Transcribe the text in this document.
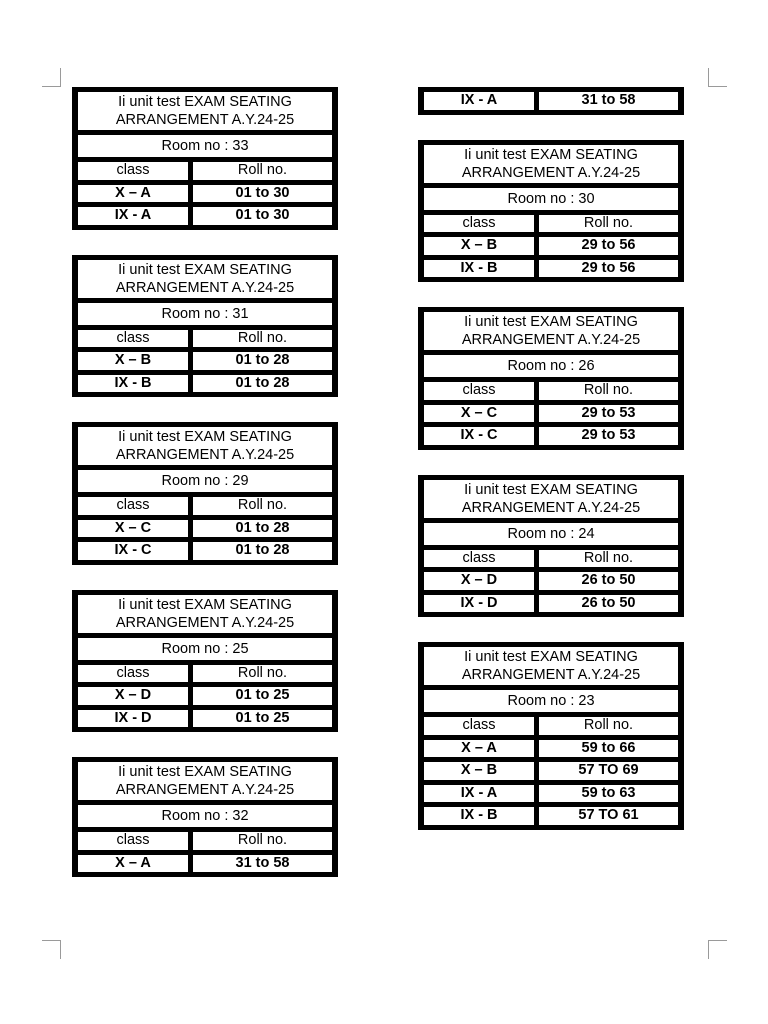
Ii unit test EXAM SEATING ARRANGEMENT A.Y.24-25
Room no : 33
class	Roll no.
X – A	01 to 30
IX - A	01 to 30
Ii unit test EXAM SEATING ARRANGEMENT A.Y.24-25
Room no : 31
class	Roll no.
X – B	01 to 28
IX - B	01 to 28
Ii unit test EXAM SEATING ARRANGEMENT A.Y.24-25
Room no : 29
class	Roll no.
X – C	01 to 28
IX - C	01 to 28
Ii unit test EXAM SEATING ARRANGEMENT A.Y.24-25
Room no : 25
class	Roll no.
X – D	01 to 25
IX - D	01 to 25
Ii unit test EXAM SEATING ARRANGEMENT A.Y.24-25
Room no : 32
class	Roll no.
X – A	31 to 58
IX - A	31 to 58
Ii unit test EXAM SEATING ARRANGEMENT A.Y.24-25
Room no : 30
class	Roll no.
X – B	29 to 56
IX - B	29 to 56
Ii unit test EXAM SEATING ARRANGEMENT A.Y.24-25
Room no : 26
class	Roll no.
X – C	29 to 53
IX - C	29 to 53
Ii unit test EXAM SEATING ARRANGEMENT A.Y.24-25
Room no : 24
class	Roll no.
X – D	26 to 50
IX - D	26 to 50
Ii unit test EXAM SEATING ARRANGEMENT A.Y.24-25
Room no : 23
class	Roll no.
X – A	59 to 66
X – B	57 TO 69
IX - A	59 to 63
IX - B	57 TO 61
